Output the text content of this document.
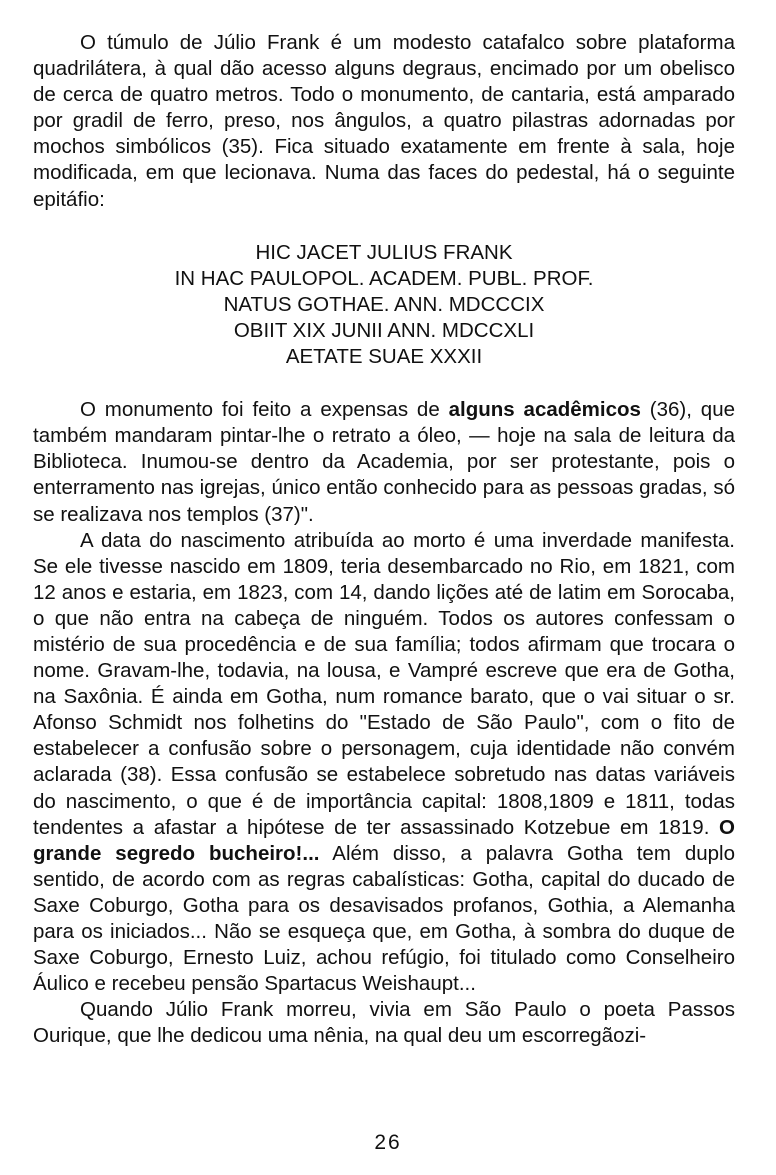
O túmulo de Júlio Frank é um modesto catafalco sobre plataforma quadrilátera, à qual dão acesso alguns degraus, encimado por um obelisco de cerca de quatro metros. Todo o monumento, de cantaria, está amparado por gradil de ferro, preso, nos ângulos, a quatro pilastras adornadas por mochos simbólicos (35). Fica situado exatamente em frente à sala, hoje modificada, em que lecionava. Numa das faces do pedestal, há o seguinte epitáfio:

HIC JACET JULIUS FRANK
IN HAC PAULOPOL. ACADEM. PUBL. PROF.
NATUS GOTHAE. ANN. MDCCCIX
OBIIT XIX JUNII ANN. MDCCXLI
AETATE SUAE XXXII

O monumento foi feito a expensas de alguns acadêmicos (36), que também mandaram pintar-lhe o retrato a óleo, — hoje na sala de leitura da Biblioteca. Inumou-se dentro da Academia, por ser protestante, pois o enterramento nas igrejas, único então conhecido para as pessoas gradas, só se realizava nos templos (37)".

A data do nascimento atribuída ao morto é uma inverdade manifesta. Se ele tivesse nascido em 1809, teria desembarcado no Rio, em 1821, com 12 anos e estaria, em 1823, com 14, dando lições até de latim em Sorocaba, o que não entra na cabeça de ninguém. Todos os autores confessam o mistério de sua procedência e de sua família; todos afirmam que trocara o nome. Gravam-lhe, todavia, na lousa, e Vampré escreve que era de Gotha, na Saxônia. É ainda em Gotha, num romance barato, que o vai situar o sr. Afonso Schmidt nos folhetins do "Estado de São Paulo", com o fito de estabelecer a confusão sobre o personagem, cuja identidade não convém aclarada (38). Essa confusão se estabelece sobretudo nas datas variáveis do nascimento, o que é de importância capital: 1808,1809 e 1811, todas tendentes a afastar a hipótese de ter assassinado Kotzebue em 1819. O grande segredo bucheiro!... Além disso, a palavra Gotha tem duplo sentido, de acordo com as regras cabalísticas: Gotha, capital do ducado de Saxe Coburgo, Gotha para os desavisados profanos, Gothia, a Alemanha para os iniciados... Não se esqueça que, em Gotha, à sombra do duque de Saxe Coburgo, Ernesto Luiz, achou refúgio, foi titulado como Conselheiro Áulico e recebeu pensão Spartacus Weishaupt...

Quando Júlio Frank morreu, vivia em São Paulo o poeta Passos Ourique, que lhe dedicou uma nênia, na qual deu um escorregãozi-

26
